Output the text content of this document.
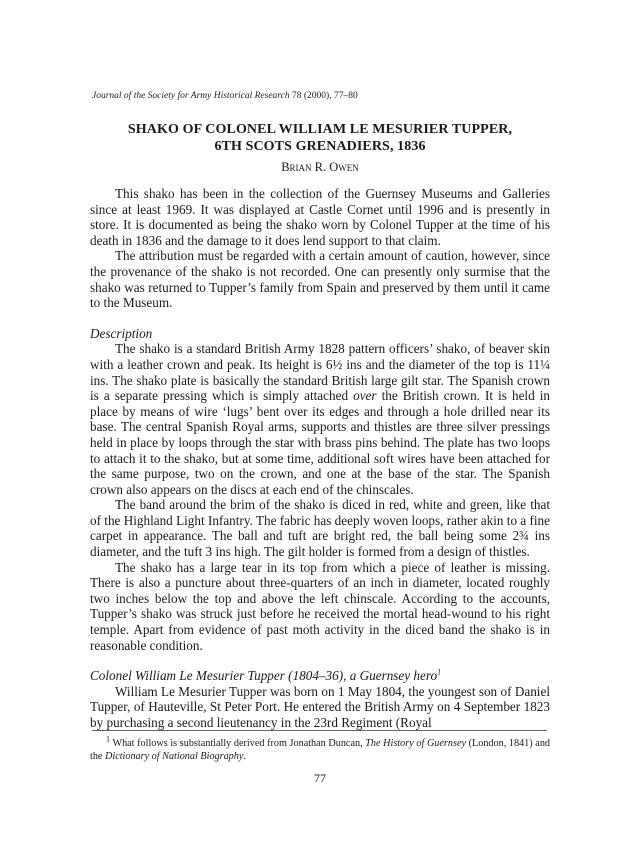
Journal of the Society for Army Historical Research 78 (2000), 77–80
SHAKO OF COLONEL WILLIAM LE MESURIER TUPPER,
6TH SCOTS GRENADIERS, 1836
Brian R. Owen

This shako has been in the collection of the Guernsey Museums and Galleries since at least 1969. It was displayed at Castle Cornet until 1996 and is presently in store. It is documented as being the shako worn by Colonel Tupper at the time of his death in 1836 and the damage to it does lend support to that claim.

The attribution must be regarded with a certain amount of caution, however, since the provenance of the shako is not recorded. One can presently only surmise that the shako was returned to Tupper’s family from Spain and preserved by them until it came to the Museum.

Description

The shako is a standard British Army 1828 pattern officers’ shako, of beaver skin with a leather crown and peak. Its height is 6½ ins and the diameter of the top is 11¼ ins. The shako plate is basically the standard British large gilt star. The Spanish crown is a separate pressing which is simply attached over the British crown. It is held in place by means of wire ‘lugs’ bent over its edges and through a hole drilled near its base. The central Spanish Royal arms, supports and thistles are three silver pressings held in place by loops through the star with brass pins behind. The plate has two loops to attach it to the shako, but at some time, additional soft wires have been attached for the same purpose, two on the crown, and one at the base of the star. The Spanish crown also appears on the discs at each end of the chinscales.

The band around the brim of the shako is diced in red, white and green, like that of the Highland Light Infantry. The fabric has deeply woven loops, rather akin to a fine carpet in appearance. The ball and tuft are bright red, the ball being some 2¾ ins diameter, and the tuft 3 ins high. The gilt holder is formed from a design of thistles.

The shako has a large tear in its top from which a piece of leather is missing. There is also a puncture about three-quarters of an inch in diameter, located roughly two inches below the top and above the left chinscale. According to the accounts, Tupper’s shako was struck just before he received the mortal head-wound to his right temple. Apart from evidence of past moth activity in the diced band the shako is in reasonable condition.

Colonel William Le Mesurier Tupper (1804–36), a Guernsey hero$^1$

William Le Mesurier Tupper was born on 1 May 1804, the youngest son of Daniel Tupper, of Hauteville, St Peter Port. He entered the British Army on 4 September 1823 by purchasing a second lieutenancy in the 23rd Regiment (Royal

$^1$ What follows is substantially derived from Jonathan Duncan, The History of Guernsey (London, 1841) and the Dictionary of National Biography.

77
